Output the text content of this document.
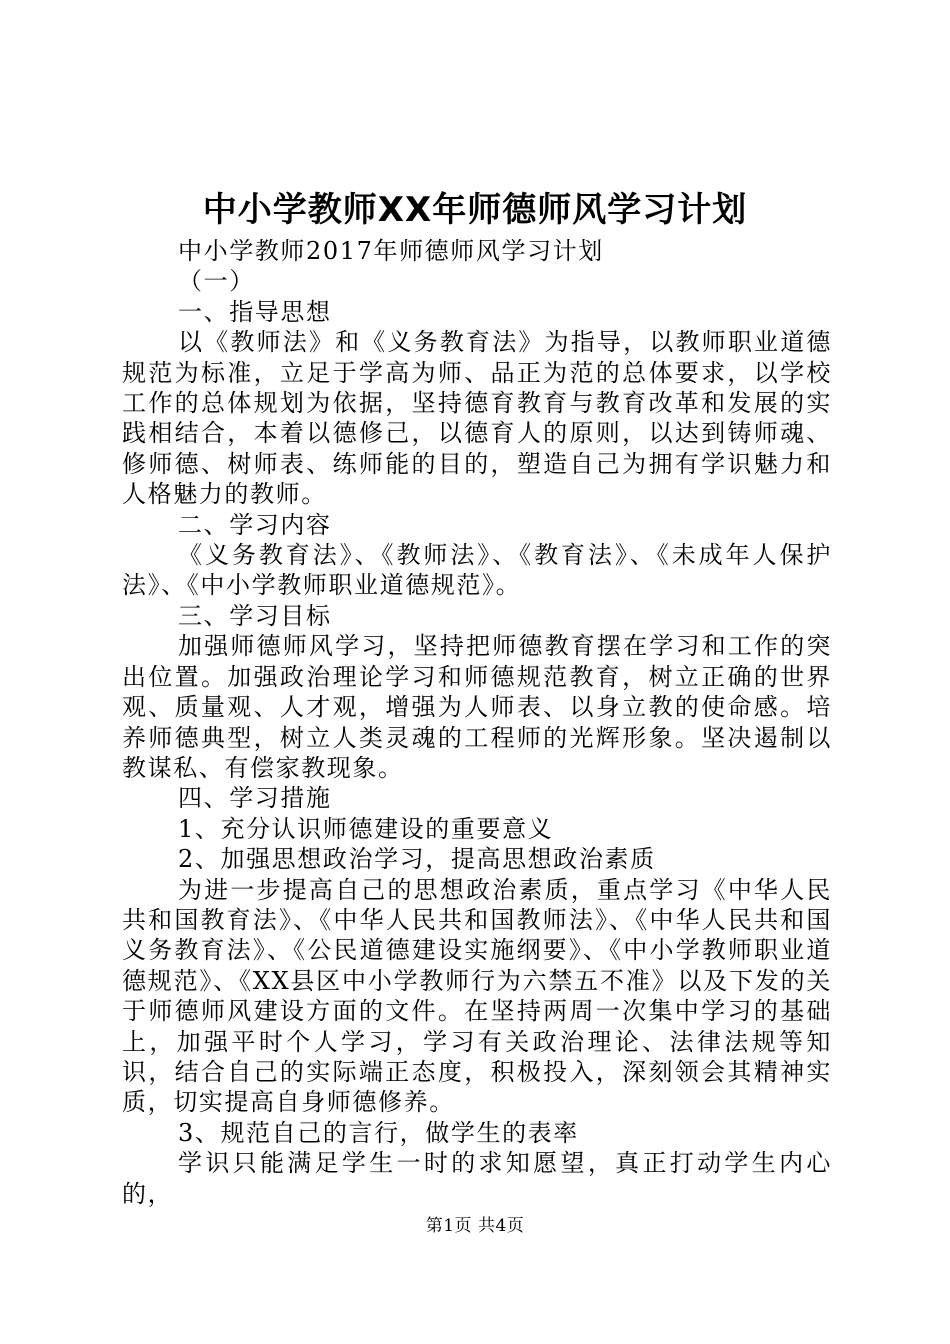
中小学教师XX年师德师风学习计划

中小学教师2017年师德师风学习计划

（一）

一、指导思想

以《教师法》和《义务教育法》为指导，以教师职业道德规范为标准，立足于学高为师、品正为范的总体要求，以学校工作的总体规划为依据，坚持德育教育与教育改革和发展的实践相结合，本着以德修己，以德育人的原则，以达到铸师魂、修师德、树师表、练师能的目的，塑造自己为拥有学识魅力和人格魅力的教师。

二、学习内容

《义务教育法》、《教师法》、《教育法》、《未成年人保护法》、《中小学教师职业道德规范》。

三、学习目标

加强师德师风学习，坚持把师德教育摆在学习和工作的突出位置。加强政治理论学习和师德规范教育，树立正确的世界观、质量观、人才观，增强为人师表、以身立教的使命感。培养师德典型，树立人类灵魂的工程师的光辉形象。坚决遏制以教谋私、有偿家教现象。

四、学习措施

1、充分认识师德建设的重要意义

2、加强思想政治学习，提高思想政治素质

为进一步提高自己的思想政治素质，重点学习《中华人民共和国教育法》、《中华人民共和国教师法》、《中华人民共和国义务教育法》、《公民道德建设实施纲要》、《中小学教师职业道德规范》、《XX县区中小学教师行为六禁五不准》以及下发的关于师德师风建设方面的文件。在坚持两周一次集中学习的基础上，加强平时个人学习，学习有关政治理论、法律法规等知识，结合自己的实际端正态度，积极投入，深刻领会其精神实质，切实提高自身师德修养。

3、规范自己的言行，做学生的表率

学识只能满足学生一时的求知愿望，真正打动学生内心的，

第1页 共4页
